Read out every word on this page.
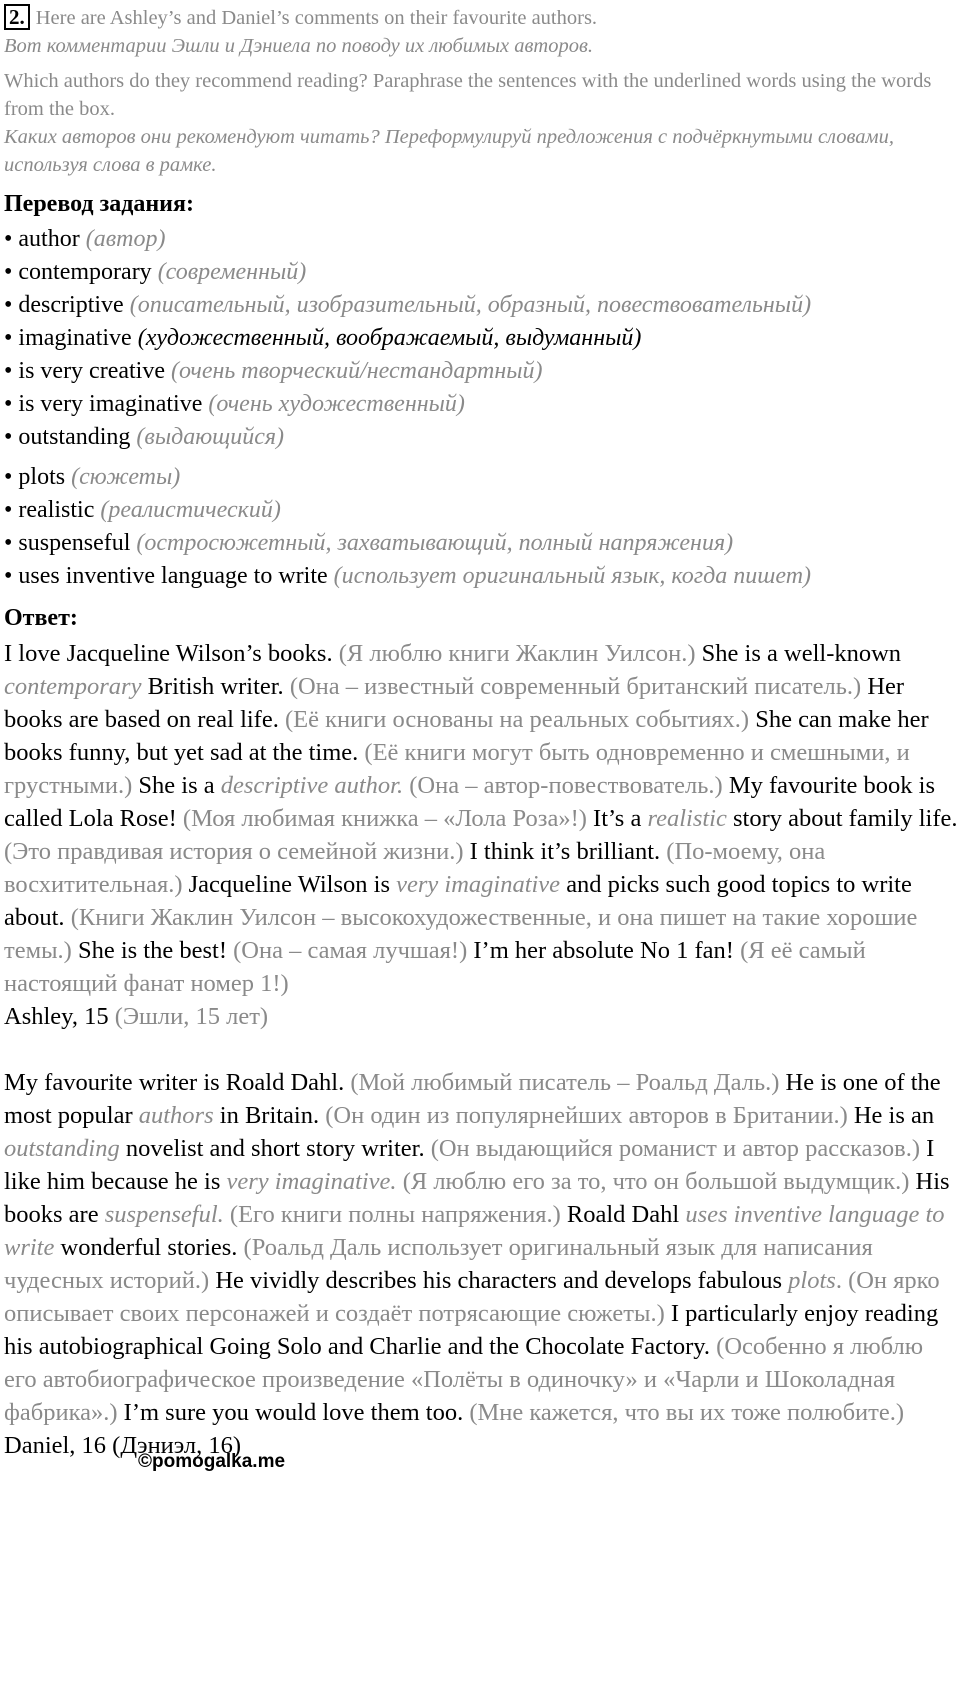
2. Here are Ashley’s and Daniel’s comments on their favourite authors.

Вот комментарии Эшли и Дэниела по поводу их любимых авторов.

Which authors do they recommend reading? Paraphrase the sentences with the underlined words using the words from the box.

Каких авторов они рекомендуют читать? Переформулируй предложения с подчёркнутыми словами, используя слова в рамке.

Перевод задания:
• author (автор)
• contemporary (современный)
• descriptive (описательный, изобразительный, образный, повествовательный)
• imaginative (художественный, воображаемый, выдуманный)
• is very creative (очень творческий/нестандартный)
• is very imaginative (очень художественный)
• outstanding (выдающийся)
• plots (сюжеты)
• realistic (реалистический)
• suspenseful (остросюжетный, захватывающий, полный напряжения)
• uses inventive language to write (использует оригинальный язык, когда пишет)
Ответ:

I love Jacqueline Wilson’s books. (Я люблю книги Жаклин Уилсон.) She is a well-known contemporary British writer. (Она – известный современный британский писатель.) Her books are based on real life. (Её книги основаны на реальных событиях.) She can make her books funny, but yet sad at the time. (Её книги могут быть одновременно и смешными, и грустными.) She is a descriptive author. (Она – автор-повествователь.) My favourite book is called Lola Rose! (Моя любимая книжка – «Лола Роза»!) It’s a realistic story about family life. (Это правдивая история о семейной жизни.) I think it’s brilliant. (По-моему, она восхитительная.) Jacqueline Wilson is very imaginative and picks such good topics to write about. (Книги Жаклин Уилсон – высокохудожественные, и она пишет на такие хорошие темы.) She is the best! (Она – самая лучшая!) I’m her absolute No 1 fan! (Я её самый настоящий фанат номер 1!)

Ashley, 15 (Эшли, 15 лет)

My favourite writer is Roald Dahl. (Мой любимый писатель – Роальд Даль.) He is one of the most popular authors in Britain. (Он один из популярнейших авторов в Британии.) He is an outstanding novelist and short story writer. (Он выдающийся романист и автор рассказов.) I like him because he is very imaginative. (Я люблю его за то, что он большой выдумщик.) His books are suspenseful. (Его книги полны напряжения.) Roald Dahl uses inventive language to write wonderful stories. (Роальд Даль использует оригинальный язык для написания чудесных историй.) He vividly describes his characters and develops fabulous plots. (Он ярко описывает своих персонажей и создаёт потрясающие сюжеты.) I particularly enjoy reading his autobiographical Going Solo and Charlie and the Chocolate Factory. (Особенно я люблю его автобиографическое произведение «Полёты в одиночку» и «Чарли и Шоколадная фабрика».) I’m sure you would love them too. (Мне кажется, что вы их тоже полюбите.)

Daniel, 16 (Дэниэл, 16)

©pomogalka.me
